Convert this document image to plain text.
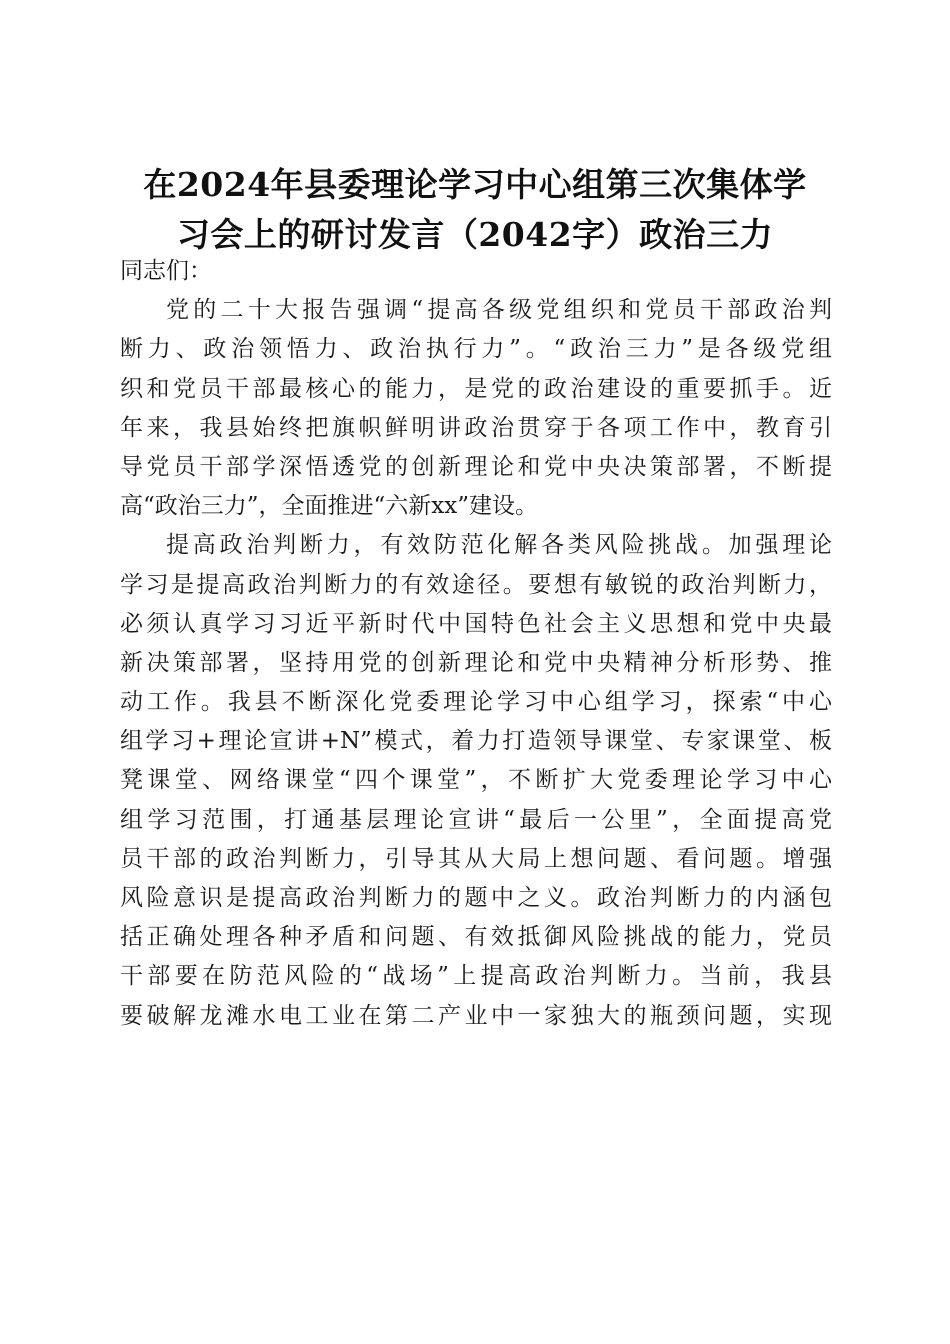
在2024年县委理论学习中心组第三次集体学
习会上的研讨发言（2042字）政治三力

同志们：

党的二十大报告强调“提高各级党组织和党员干部政治判
断力、政治领悟力、政治执行力”。“政治三力”是各级党组
织和党员干部最核心的能力，是党的政治建设的重要抓手。近
年来，我县始终把旗帜鲜明讲政治贯穿于各项工作中，教育引
导党员干部学深悟透党的创新理论和党中央决策部署，不断提
高“政治三力”，全面推进“六新xx”建设。

提高政治判断力，有效防范化解各类风险挑战。加强理论
学习是提高政治判断力的有效途径。要想有敏锐的政治判断力，
必须认真学习习近平新时代中国特色社会主义思想和党中央最
新决策部署，坚持用党的创新理论和党中央精神分析形势、推
动工作。我县不断深化党委理论学习中心组学习，探索“中心
组学习+理论宣讲+N”模式，着力打造领导课堂、专家课堂、板
凳课堂、网络课堂“四个课堂”，不断扩大党委理论学习中心
组学习范围，打通基层理论宣讲“最后一公里”，全面提高党
员干部的政治判断力，引导其从大局上想问题、看问题。增强
风险意识是提高政治判断力的题中之义。政治判断力的内涵包
括正确处理各种矛盾和问题、有效抵御风险挑战的能力，党员
干部要在防范风险的“战场”上提高政治判断力。当前，我县
要破解龙滩水电工业在第二产业中一家独大的瓶颈问题，实现
